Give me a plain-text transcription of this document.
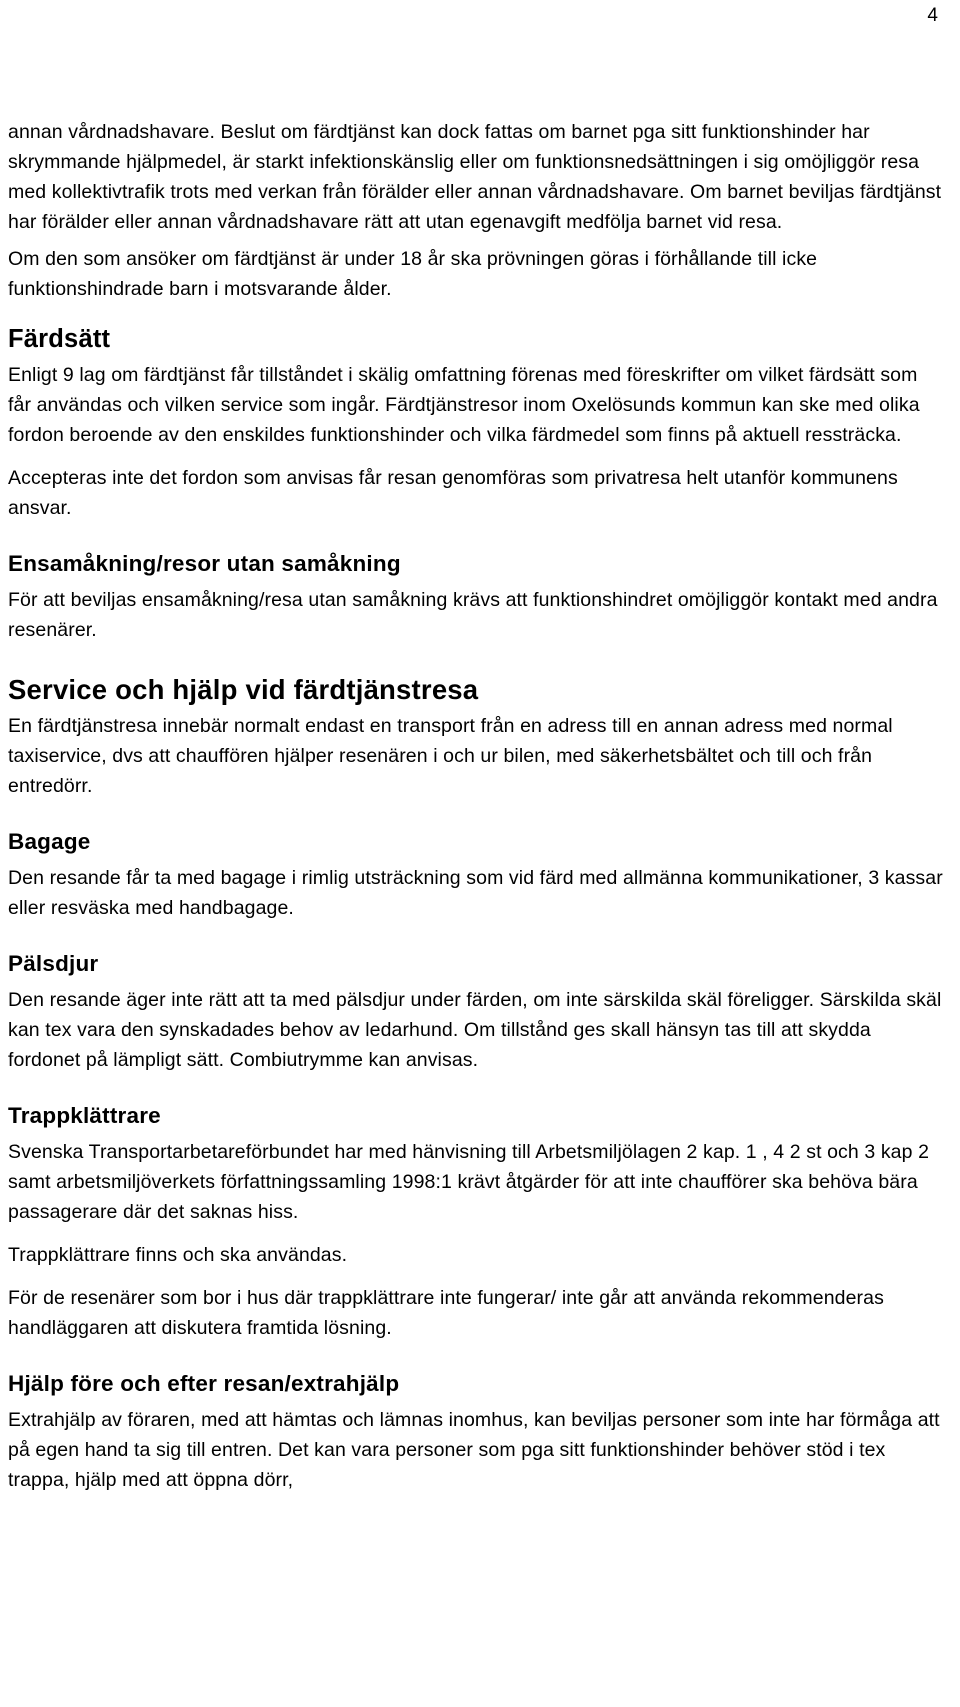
4

annan vårdnadshavare. Beslut om färdtjänst kan dock fattas om barnet pga sitt funktionshinder har skrymmande hjälpmedel, är starkt infektionskänslig eller om funktionsnedsättningen i sig omöjliggör resa med kollektivtrafik trots med verkan från förälder eller annan vårdnadshavare. Om barnet beviljas färdtjänst har förälder eller annan vårdnadshavare rätt att utan egenavgift medfölja barnet vid resa.

Om den som ansöker om färdtjänst är under 18 år ska prövningen göras i förhållande till icke funktionshindrade barn i motsvarande ålder.

Färdsätt

Enligt 9 lag om färdtjänst får tillståndet i skälig omfattning förenas med föreskrifter om vilket färdsätt som får användas och vilken service som ingår. Färdtjänstresor inom Oxelösunds kommun kan ske med olika fordon beroende av den enskildes funktionshinder och vilka färdmedel som finns på aktuell ressträcka.

Accepteras inte det fordon som anvisas får resan genomföras som privatresa helt utanför kommunens ansvar.

Ensamåkning/resor utan samåkning

För att beviljas ensamåkning/resa utan samåkning krävs att funktionshindret omöjliggör kontakt med andra resenärer.

Service och hjälp vid färdtjänstresa

En färdtjänstresa innebär normalt endast en transport från en adress till en annan adress med normal taxiservice, dvs att chauffören hjälper resenären i och ur bilen, med säkerhetsbältet och till och från entredörr.

Bagage

Den resande får ta med bagage i rimlig utsträckning som vid färd med allmänna kommunikationer, 3 kassar eller resväska med handbagage.

Pälsdjur

Den resande äger inte rätt att ta med pälsdjur under färden, om inte särskilda skäl föreligger. Särskilda skäl kan tex vara den synskadades behov av ledarhund. Om tillstånd ges skall hänsyn tas till att skydda fordonet på lämpligt sätt. Combiutrymme kan anvisas.

Trappklättrare

Svenska Transportarbetareförbundet har med hänvisning till Arbetsmiljölagen 2 kap. 1 , 4 2 st och 3 kap 2 samt arbetsmiljöverkets författningssamling 1998:1 krävt åtgärder för att inte chaufförer ska behöva bära passagerare där det saknas hiss.

Trappklättrare finns och ska användas.

För de resenärer som bor i hus där trappklättrare inte fungerar/ inte går att använda rekommenderas handläggaren att diskutera framtida lösning.

Hjälp före och efter resan/extrahjälp

Extrahjälp av föraren, med att hämtas och lämnas inomhus, kan beviljas personer som inte har förmåga att på egen hand ta sig till entren. Det kan vara personer som pga sitt funktionshinder behöver stöd i tex trappa, hjälp med att öppna dörr,
